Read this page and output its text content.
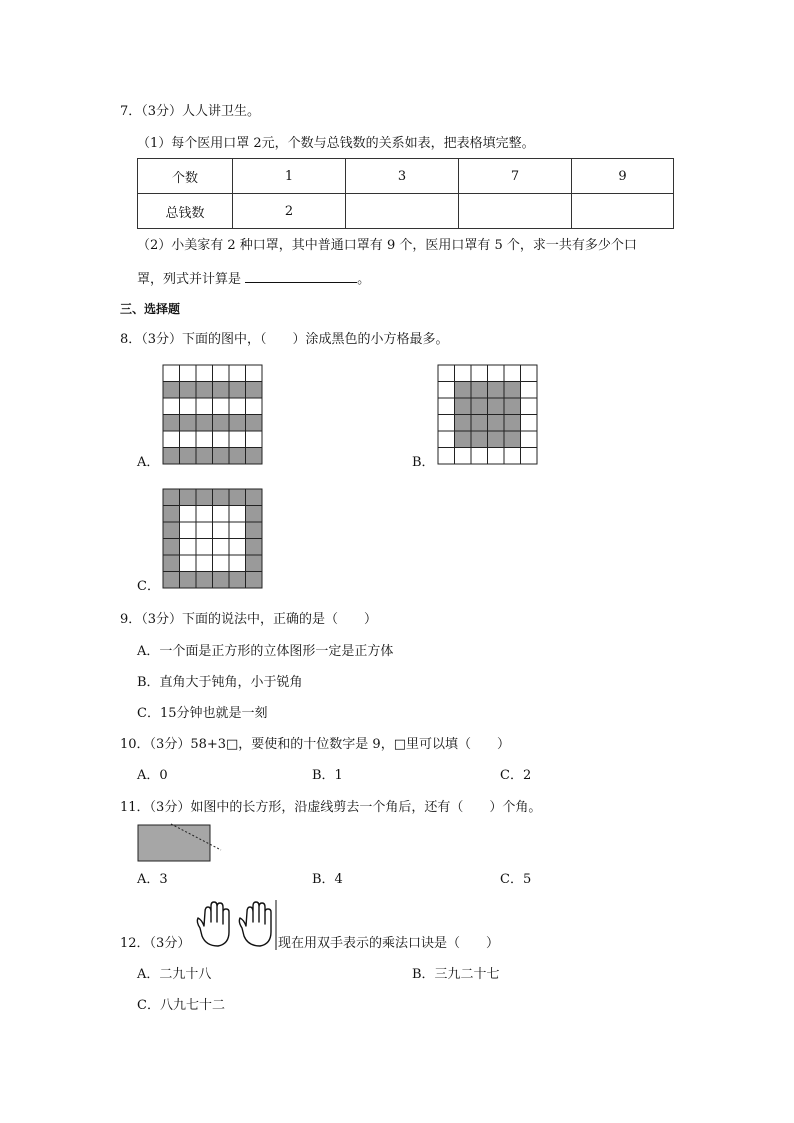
7．（3分）人人讲卫生。
（1）每个医用口罩 2元，个数与总钱数的关系如表，把表格填完整。
个数	1	3	7	9
总钱数	2			
（2）小美家有 2 种口罩，其中普通口罩有 9 个，医用口罩有 5 个，求一共有多少个口
罩，列式并计算是	。
三、选择题
8．（3分）下面的图中，（　　）涂成黑色的小方格最多。
A．	B．
C．
9．（3分）下面的说法中，正确的是（　　）
A．一个面是正方形的立体图形一定是正方体
B．直角大于钝角，小于锐角
C．15分钟也就是一刻
10．（3分）58+3□，要使和的十位数字是 9，□里可以填（　　）
A．0	B．1	C．2
11．（3分）如图中的长方形，沿虚线剪去一个角后，还有（　　）个角。
A．3	B．4	C．5
12．（3分）	现在用双手表示的乘法口诀是（　　）
A．二九十八	B．三九二十七
C．八九七十二
